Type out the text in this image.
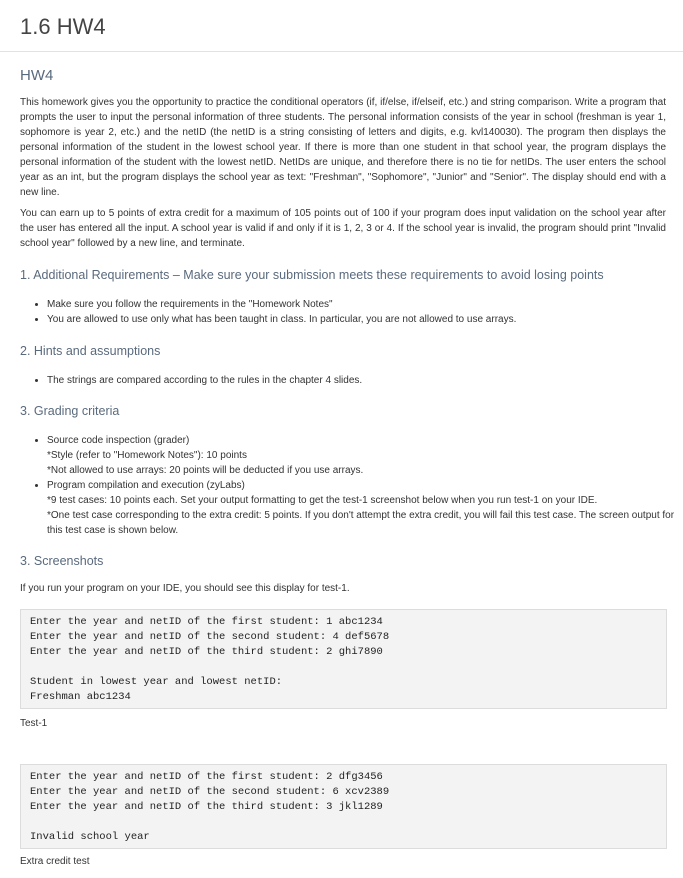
1.6 HW4
HW4
This homework gives you the opportunity to practice the conditional operators (if, if/else, if/elseif, etc.) and string comparison. Write a program that prompts the user to input the personal information of three students. The personal information consists of the year in school (freshman is year 1, sophomore is year 2, etc.) and the netID (the netID is a string consisting of letters and digits, e.g. kvl140030). The program then displays the personal information of the student in the lowest school year. If there is more than one student in that school year, the program displays the personal information of the student with the lowest netID. NetIDs are unique, and therefore there is no tie for netIDs. The user enters the school year as an int, but the program displays the school year as text: "Freshman", "Sophomore", "Junior" and "Senior". The display should end with a new line.
You can earn up to 5 points of extra credit for a maximum of 105 points out of 100 if your program does input validation on the school year after the user has entered all the input. A school year is valid if and only if it is 1, 2, 3 or 4. If the school year is invalid, the program should print "Invalid school year" followed by a new line, and terminate.
1. Additional Requirements – Make sure your submission meets these requirements to avoid losing points
• Make sure you follow the requirements in the "Homework Notes"
• You are allowed to use only what has been taught in class. In particular, you are not allowed to use arrays.
2. Hints and assumptions
• The strings are compared according to the rules in the chapter 4 slides.
3. Grading criteria
• Source code inspection (grader)
*Style (refer to "Homework Notes"): 10 points
*Not allowed to use arrays: 20 points will be deducted if you use arrays.
• Program compilation and execution (zyLabs)
*9 test cases: 10 points each. Set your output formatting to get the test-1 screenshot below when you run test-1 on your IDE.
*One test case corresponding to the extra credit: 5 points. If you don't attempt the extra credit, you will fail this test case. The screen output for this test case is shown below.
3. Screenshots
If you run your program on your IDE, you should see this display for test-1.
Enter the year and netID of the first student: 1 abc1234
Enter the year and netID of the second student: 4 def5678
Enter the year and netID of the third student: 2 ghi7890

Student in lowest year and lowest netID:
Freshman abc1234
Test-1
Enter the year and netID of the first student: 2 dfg3456
Enter the year and netID of the second student: 6 xcv2389
Enter the year and netID of the third student: 3 jkl1289

Invalid school year
Extra credit test
